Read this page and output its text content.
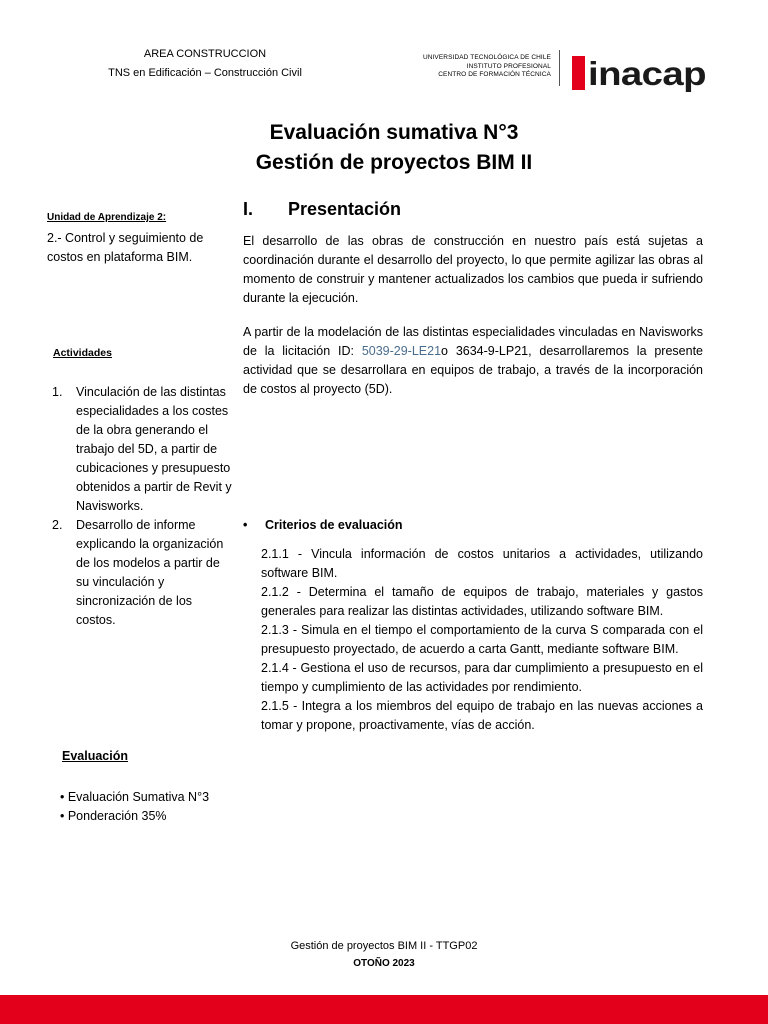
AREA CONSTRUCCION
TNS en Edificación – Construcción Civil
UNIVERSIDAD TECNOLÓGICA DE CHILE
INSTITUTO PROFESIONAL
CENTRO DE FORMACIÓN TÉCNICA inacap
Evaluación sumativa N°3
Gestión de proyectos BIM II
Unidad de Aprendizaje 2:
2.- Control y seguimiento de costos en plataforma BIM.
Actividades
1. Vinculación de las distintas especialidades a los costes de la obra generando el trabajo del 5D, a partir de cubicaciones y presupuesto obtenidos a partir de Revit y Navisworks.
2. Desarrollo de informe explicando la organización de los modelos a partir de su vinculación y sincronización de los costos.
Evaluación
• Evaluación Sumativa N°3
• Ponderación 35%
I. Presentación

El desarrollo de las obras de construcción en nuestro país está sujetas a coordinación durante el desarrollo del proyecto, lo que permite agilizar las obras al momento de construir y mantener actualizados los cambios que pueda ir sufriendo durante la ejecución.

A partir de la modelación de las distintas especialidades vinculadas en Navisworks de la licitación ID: 5039-29-LE21o 3634-9-LP21, desarrollaremos la presente actividad que se desarrollara en equipos de trabajo, a través de la incorporación de costos al proyecto (5D).

• Criterios de evaluación
2.1.1 - Vincula información de costos unitarios a actividades, utilizando software BIM.
2.1.2 - Determina el tamaño de equipos de trabajo, materiales y gastos generales para realizar las distintas actividades, utilizando software BIM.
2.1.3 - Simula en el tiempo el comportamiento de la curva S comparada con el presupuesto proyectado, de acuerdo a carta Gantt, mediante software BIM.
2.1.4 - Gestiona el uso de recursos, para dar cumplimiento a presupuesto en el tiempo y cumplimiento de las actividades por rendimiento.
2.1.5 - Integra a los miembros del equipo de trabajo en las nuevas acciones a tomar y propone, proactivamente, vías de acción.
Gestión de proyectos BIM II - TTGP02
OTOÑO 2023
